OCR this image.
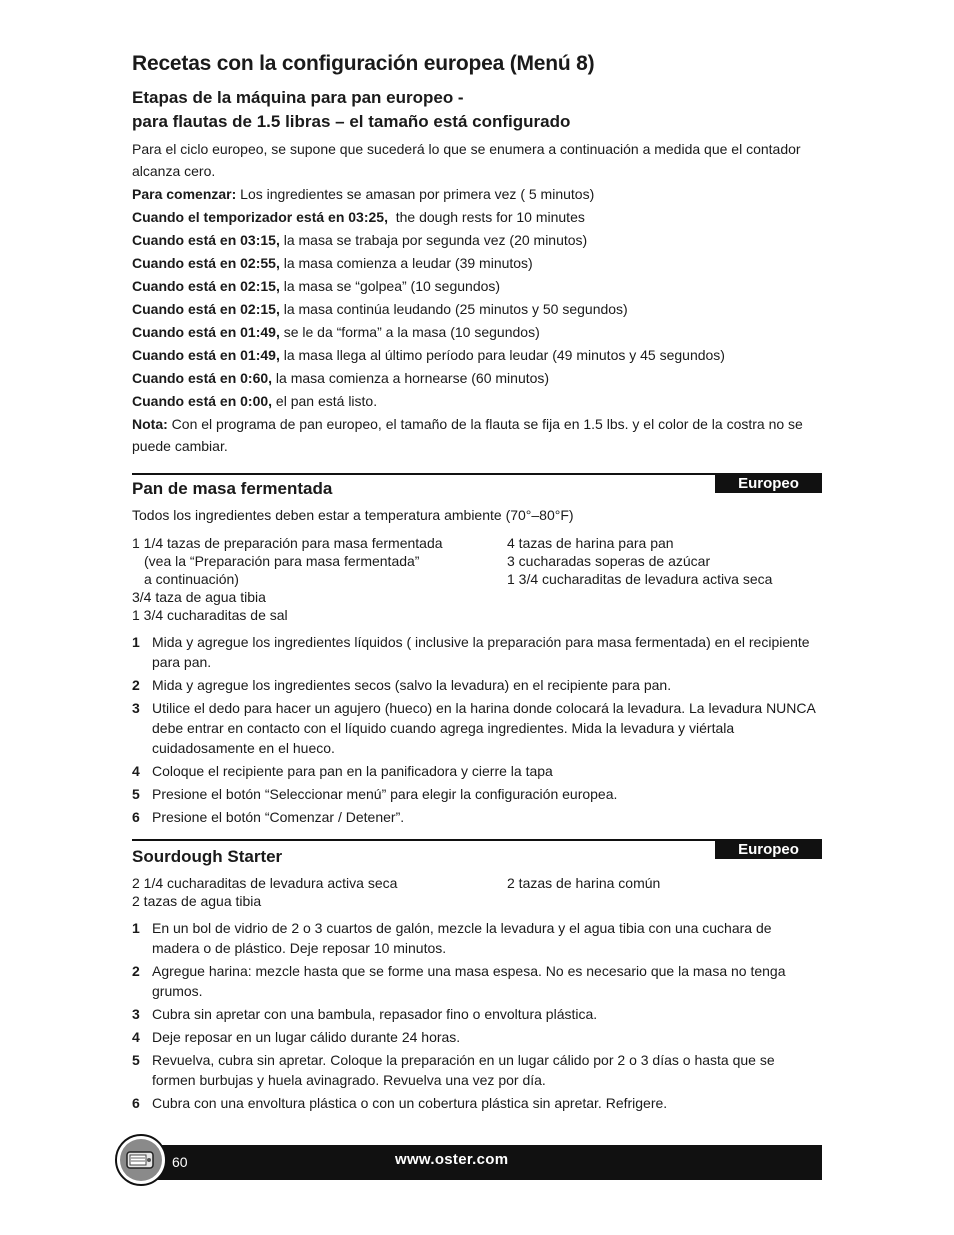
Recetas con la configuración europea (Menú 8)
Etapas de la máquina para pan europeo -
para flautas de 1.5 libras – el tamaño está configurado

Para el ciclo europeo, se supone que sucederá lo que se enumera a continuación a medida que el contador alcanza cero.

Para comenzar: Los ingredientes se amasan por primera vez ( 5 minutos)

Cuando el temporizador está en 03:25,  the dough rests for 10 minutes

Cuando está en 03:15, la masa se trabaja por segunda vez (20 minutos)

Cuando está en 02:55, la masa comienza a leudar (39 minutos)

Cuando está en 02:15, la masa se “golpea” (10 segundos)

Cuando está en 02:15, la masa continúa leudando (25 minutos y 50 segundos)

Cuando está en 01:49, se le da “forma” a la masa (10 segundos)

Cuando está en 01:49, la masa llega al último período para leudar (49 minutos y 45 segundos)

Cuando está en 0:60, la masa comienza a hornearse (60 minutos)

Cuando está en 0:00, el pan está listo.

Nota: Con el programa de pan europeo, el tamaño de la flauta se fija en 1.5 lbs. y el color de la costra no se puede cambiar.

Europeo
Pan de masa fermentada

Todos los ingredientes deben estar a temperatura ambiente (70°–80°F)

1 1/4 tazas de preparación para masa fermentada
(vea la “Preparación para masa fermentada”
a continuación)
3/4 taza de agua tibia
1 3/4 cucharaditas de sal
4 tazas de harina para pan
3 cucharadas soperas de azúcar
1 3/4 cucharaditas de levadura activa seca
1 Mida y agregue los ingredientes líquidos ( inclusive la preparación para masa fermentada) en el recipiente para pan.
2 Mida y agregue los ingredientes secos (salvo la levadura) en el recipiente para pan.
3 Utilice el dedo para hacer un agujero (hueco) en la harina donde colocará la levadura. La levadura NUNCA debe entrar en contacto con el líquido cuando agrega ingredientes. Mida la levadura y viértala cuidadosamente en el hueco.
4 Coloque el recipiente para pan en la panificadora y cierre la tapa
5 Presione el botón “Seleccionar menú” para elegir la configuración europea.
6 Presione el botón “Comenzar / Detener”.
Europeo
Sourdough Starter
2 1/4 cucharaditas de levadura activa seca
2 tazas de agua tibia
2 tazas de harina común
1 En un bol de vidrio de 2 o 3 cuartos de galón, mezcle la levadura y el agua tibia con una cuchara de madera o de plástico. Deje reposar 10 minutos.
2 Agregue harina: mezcle hasta que se forme una masa espesa. No es necesario que la masa no tenga grumos.
3 Cubra sin apretar con una bambula, repasador fino o envoltura plástica.
4 Deje reposar en un lugar cálido durante 24 horas.
5 Revuelva, cubra sin apretar. Coloque la preparación en un lugar cálido por 2 o 3 días o hasta que se formen burbujas y huela avinagrado. Revuelva una vez por día.
6 Cubra con una envoltura plástica o con un cobertura plástica sin apretar. Refrigere.
60	www.oster.com
